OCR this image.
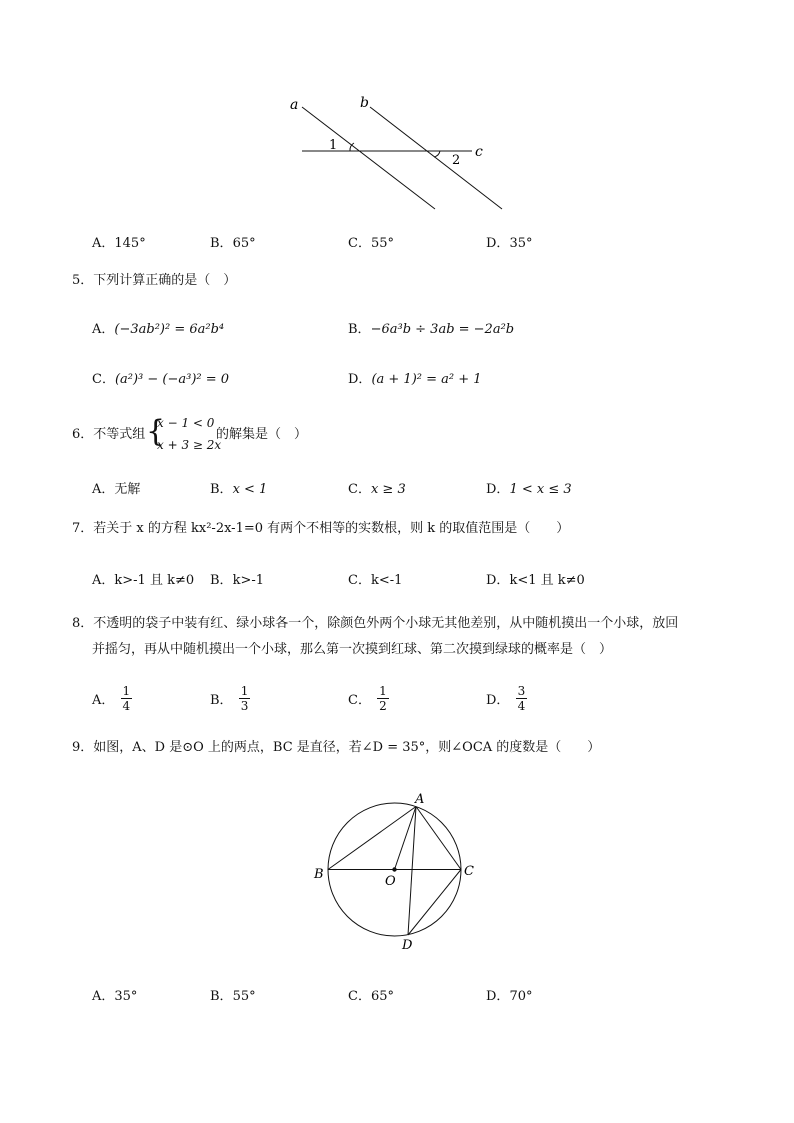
a	b
c
1
2
A．145°	B．65°	C．55°	D．35°
5．下列计算正确的是（　）
A．(−3ab²)² = 6a²b⁴	B．−6a³b ÷ 3ab = −2a²b
C．(a²)³ − (−a³)² = 0	D．(a + 1)² = a² + 1
6．不等式组 {
x − 1 < 0
x + 3 ≥ 2x
的解集是（　）
A．无解	B．x < 1	C．x ≥ 3	D．1 < x ≤ 3
7．若关于 x 的方程 kx²-2x-1=0 有两个不相等的实数根，则 k 的取值范围是（　　）
A．k>-1 且 k≠0 B．k>-1	C．k<-1	D．k<1 且 k≠0
8．不透明的袋子中装有红、绿小球各一个，除颜色外两个小球无其他差别，从中随机摸出一个小球，放回
并摇匀，再从中随机摸出一个小球，那么第一次摸到红球、第二次摸到绿球的概率是（　）
A． $\frac{1}{4}$	B． $\frac{1}{3}$	C． $\frac{1}{2}$	D． $\frac{3}{4}$
9．如图，A、D 是⊙O 上的两点，BC 是直径，若∠D = 35°，则∠OCA 的度数是（　　）
A
B	C
D
O
A．35°	B．55°	C．65°	D．70°
